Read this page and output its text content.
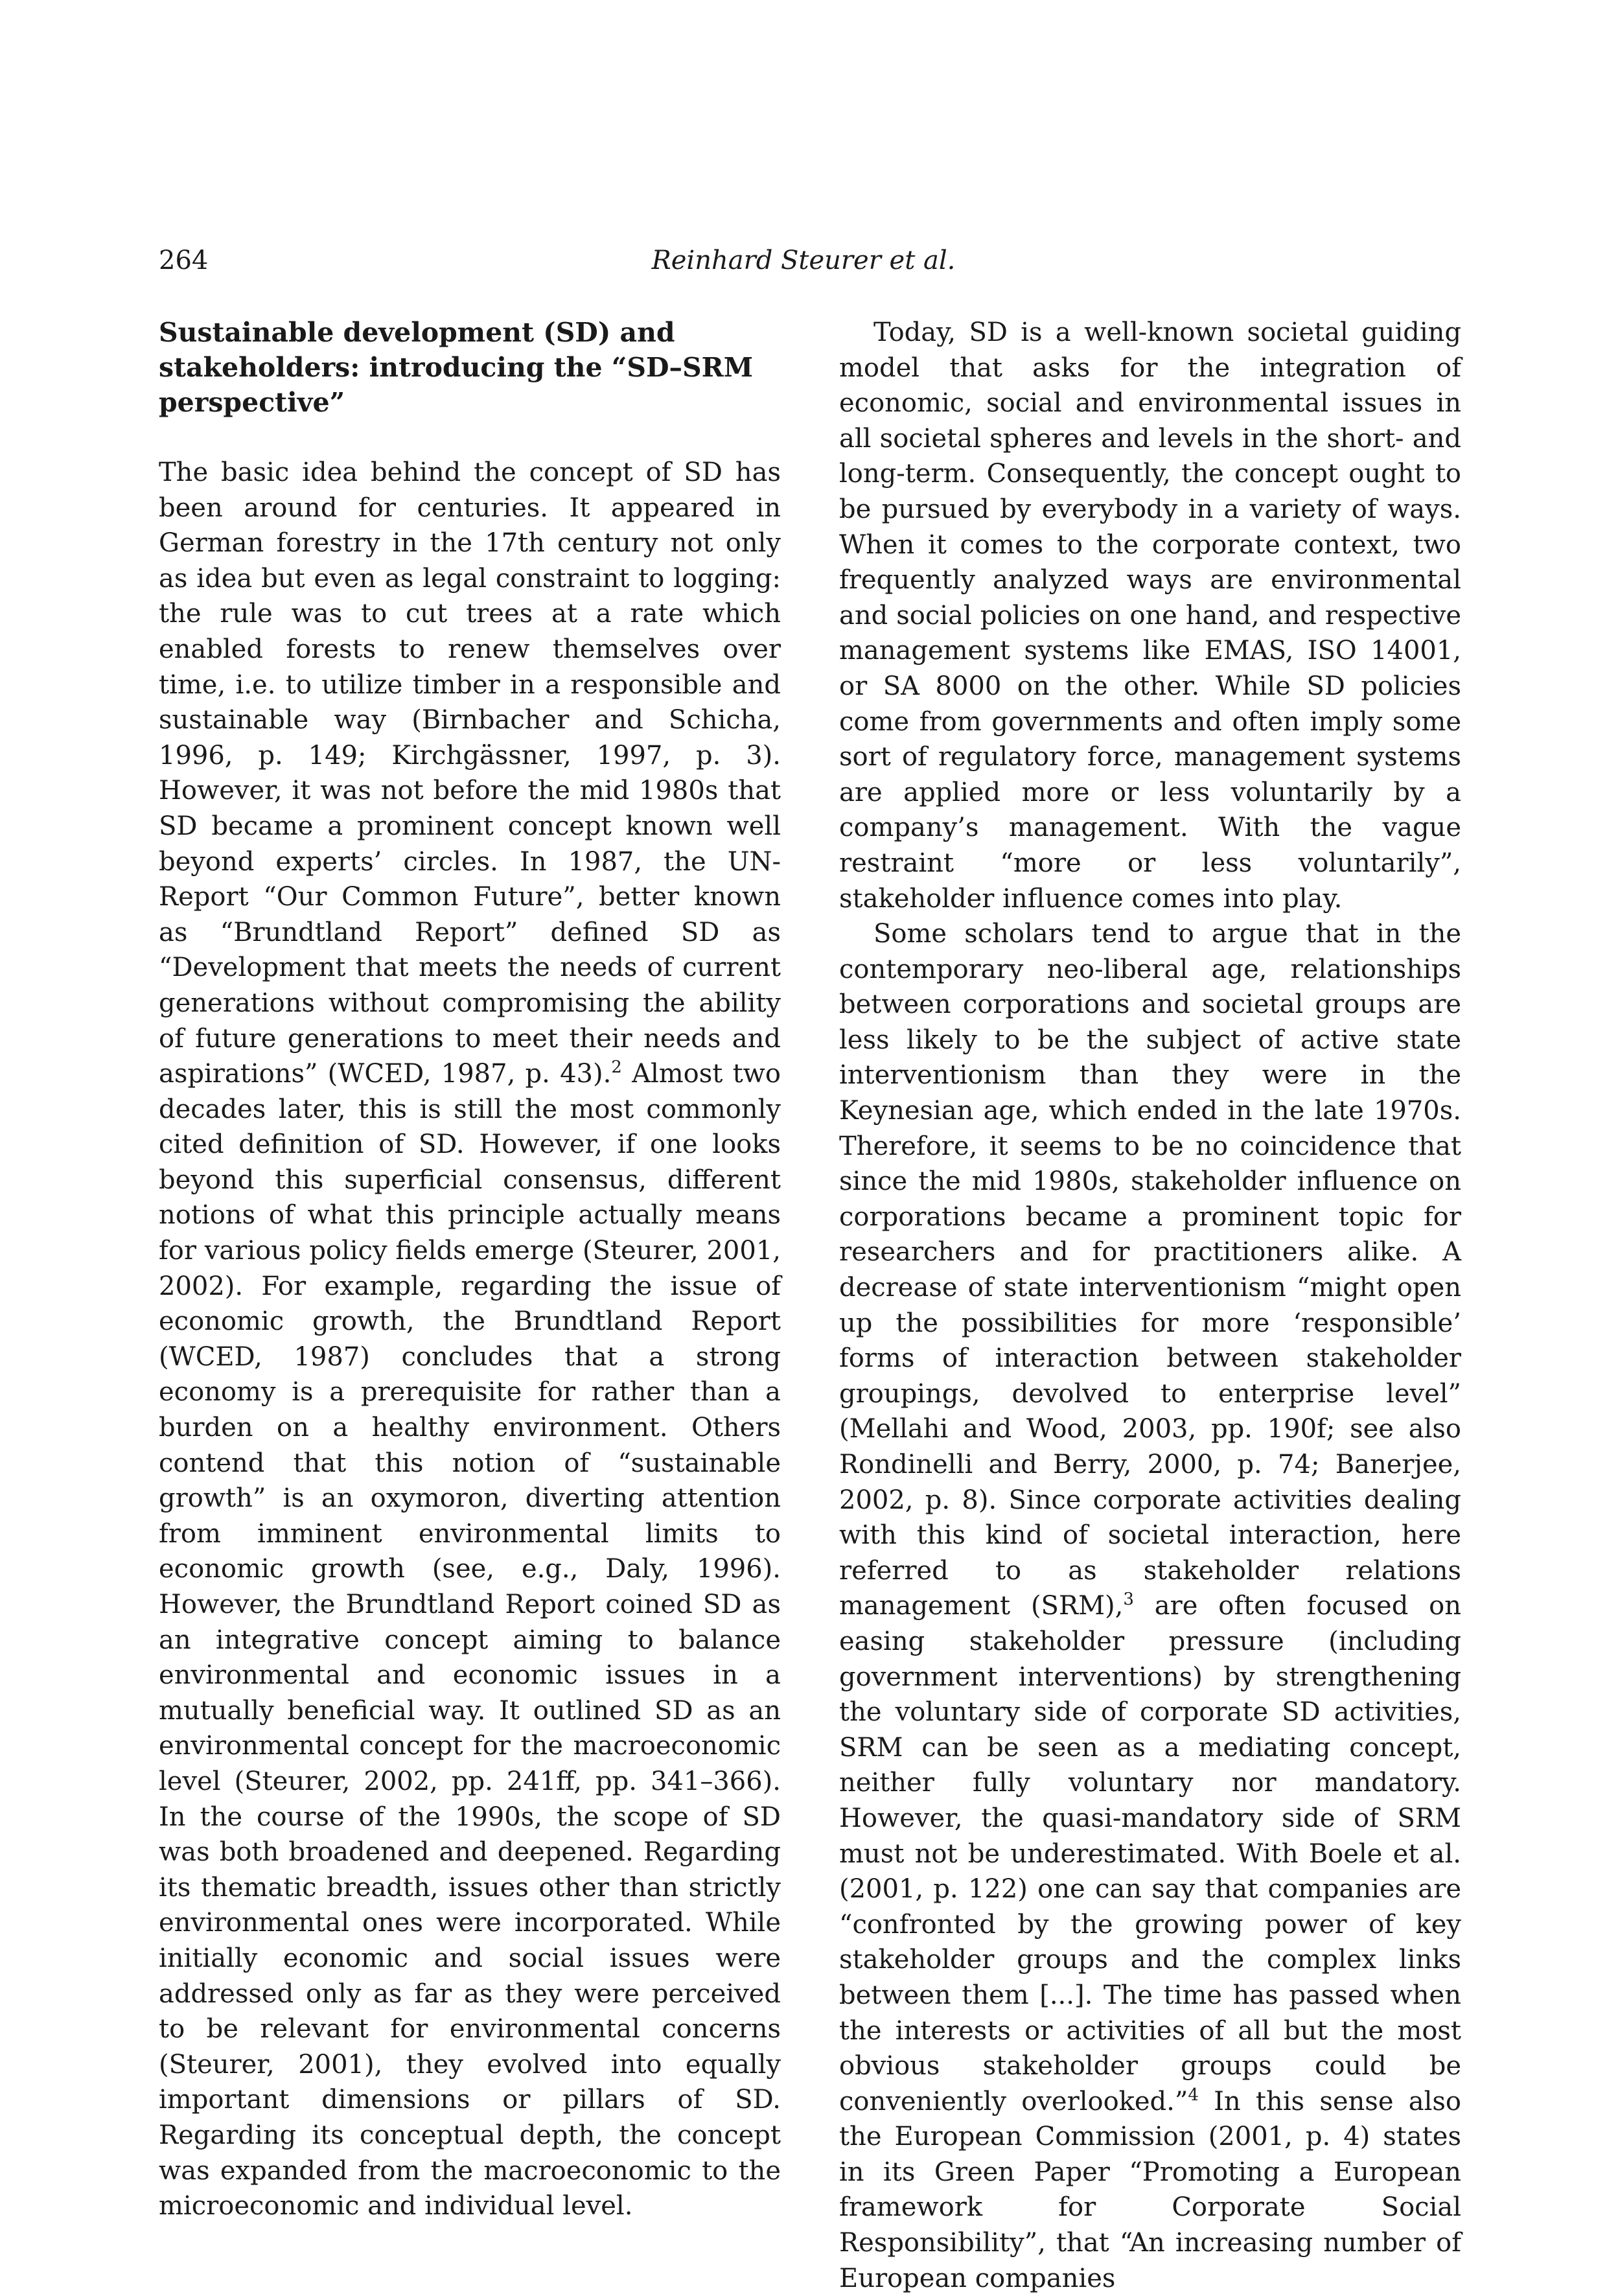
264	Reinhard Steurer et al.
Sustainable development (SD) and stakeholders: introducing the “SD–SRM perspective”

The basic idea behind the concept of SD has been around for centuries. It appeared in German forestry in the 17th century not only as idea but even as legal constraint to logging: the rule was to cut trees at a rate which enabled forests to renew themselves over time, i.e. to utilize timber in a responsible and sustainable way (Birnbacher and Schicha, 1996, p. 149; Kirchgässner, 1997, p. 3). However, it was not before the mid 1980s that SD became a prominent concept known well beyond experts’ circles. In 1987, the UN-Report “Our Common Future”, better known as “Brundtland Report” defined SD as “Development that meets the needs of current generations without compromising the ability of future generations to meet their needs and aspirations” (WCED, 1987, p. 43).$^2$ Almost two decades later, this is still the most commonly cited definition of SD. However, if one looks beyond this superficial consensus, different notions of what this principle actually means for various policy fields emerge (Steurer, 2001, 2002). For example, regarding the issue of economic growth, the Brundtland Report (WCED, 1987) concludes that a strong economy is a prerequisite for rather than a burden on a healthy environment. Others contend that this notion of “sustainable growth” is an oxymoron, diverting attention from imminent environmental limits to economic growth (see, e.g., Daly, 1996). However, the Brundtland Report coined SD as an integrative concept aiming to balance environmental and economic issues in a mutually beneficial way. It outlined SD as an environmental concept for the macroeconomic level (Steurer, 2002, pp. 241ff, pp. 341–366). In the course of the 1990s, the scope of SD was both broadened and deepened. Regarding its thematic breadth, issues other than strictly environmental ones were incorporated. While initially economic and social issues were addressed only as far as they were perceived to be relevant for environmental concerns (Steurer, 2001), they evolved into equally important dimensions or pillars of SD. Regarding its conceptual depth, the concept was expanded from the macroeconomic to the microeconomic and individual level.

Today, SD is a well-known societal guiding model that asks for the integration of economic, social and environmental issues in all societal spheres and levels in the short- and long-term. Consequently, the concept ought to be pursued by everybody in a variety of ways. When it comes to the corporate context, two frequently analyzed ways are environmental and social policies on one hand, and respective management systems like EMAS, ISO 14001, or SA 8000 on the other. While SD policies come from governments and often imply some sort of regulatory force, management systems are applied more or less voluntarily by a company’s management. With the vague restraint “more or less voluntarily”, stakeholder influence comes into play.

Some scholars tend to argue that in the contemporary neo-liberal age, relationships between corporations and societal groups are less likely to be the subject of active state interventionism than they were in the Keynesian age, which ended in the late 1970s. Therefore, it seems to be no coincidence that since the mid 1980s, stakeholder influence on corporations became a prominent topic for researchers and for practitioners alike. A decrease of state interventionism “might open up the possibilities for more ‘responsible’ forms of interaction between stakeholder groupings, devolved to enterprise level” (Mellahi and Wood, 2003, pp. 190f; see also Rondinelli and Berry, 2000, p. 74; Banerjee, 2002, p. 8). Since corporate activities dealing with this kind of societal interaction, here referred to as stakeholder relations management (SRM),$^3$ are often focused on easing stakeholder pressure (including government interventions) by strengthening the voluntary side of corporate SD activities, SRM can be seen as a mediating concept, neither fully voluntary nor mandatory. However, the quasi-mandatory side of SRM must not be underestimated. With Boele et al. (2001, p. 122) one can say that companies are “confronted by the growing power of key stakeholder groups and the complex links between them [...]. The time has passed when the interests or activities of all but the most obvious stakeholder groups could be conveniently overlooked.”$^4$ In this sense also the European Commission (2001, p. 4) states in its Green Paper “Promoting a European framework for Corporate Social Responsibility”, that “An increasing number of European companies
